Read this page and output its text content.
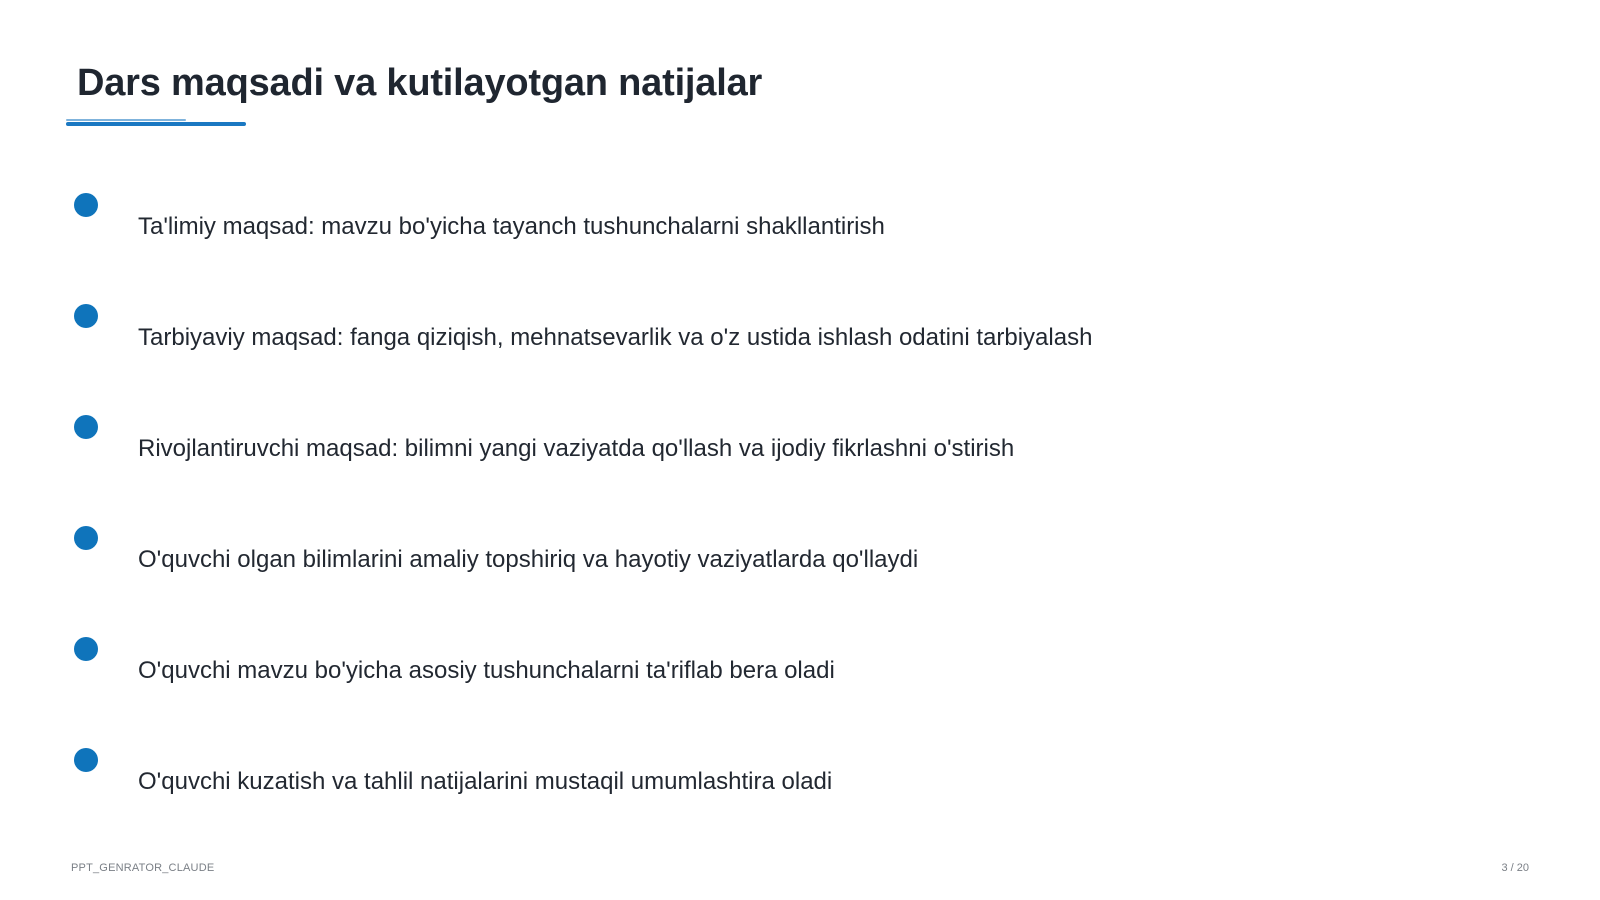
Dars maqsadi va kutilayotgan natijalar
Ta'limiy maqsad: mavzu bo'yicha tayanch tushunchalarni shakllantirish
Tarbiyaviy maqsad: fanga qiziqish, mehnatsevarlik va o'z ustida ishlash odatini tarbiyalash
Rivojlantiruvchi maqsad: bilimni yangi vaziyatda qo'llash va ijodiy fikrlashni o'stirish
O'quvchi olgan bilimlarini amaliy topshiriq va hayotiy vaziyatlarda qo'llaydi
O'quvchi mavzu bo'yicha asosiy tushunchalarni ta'riflab bera oladi
O'quvchi kuzatish va tahlil natijalarini mustaqil umumlashtira oladi
PPT_GENRATOR_CLAUDE	3 / 20
